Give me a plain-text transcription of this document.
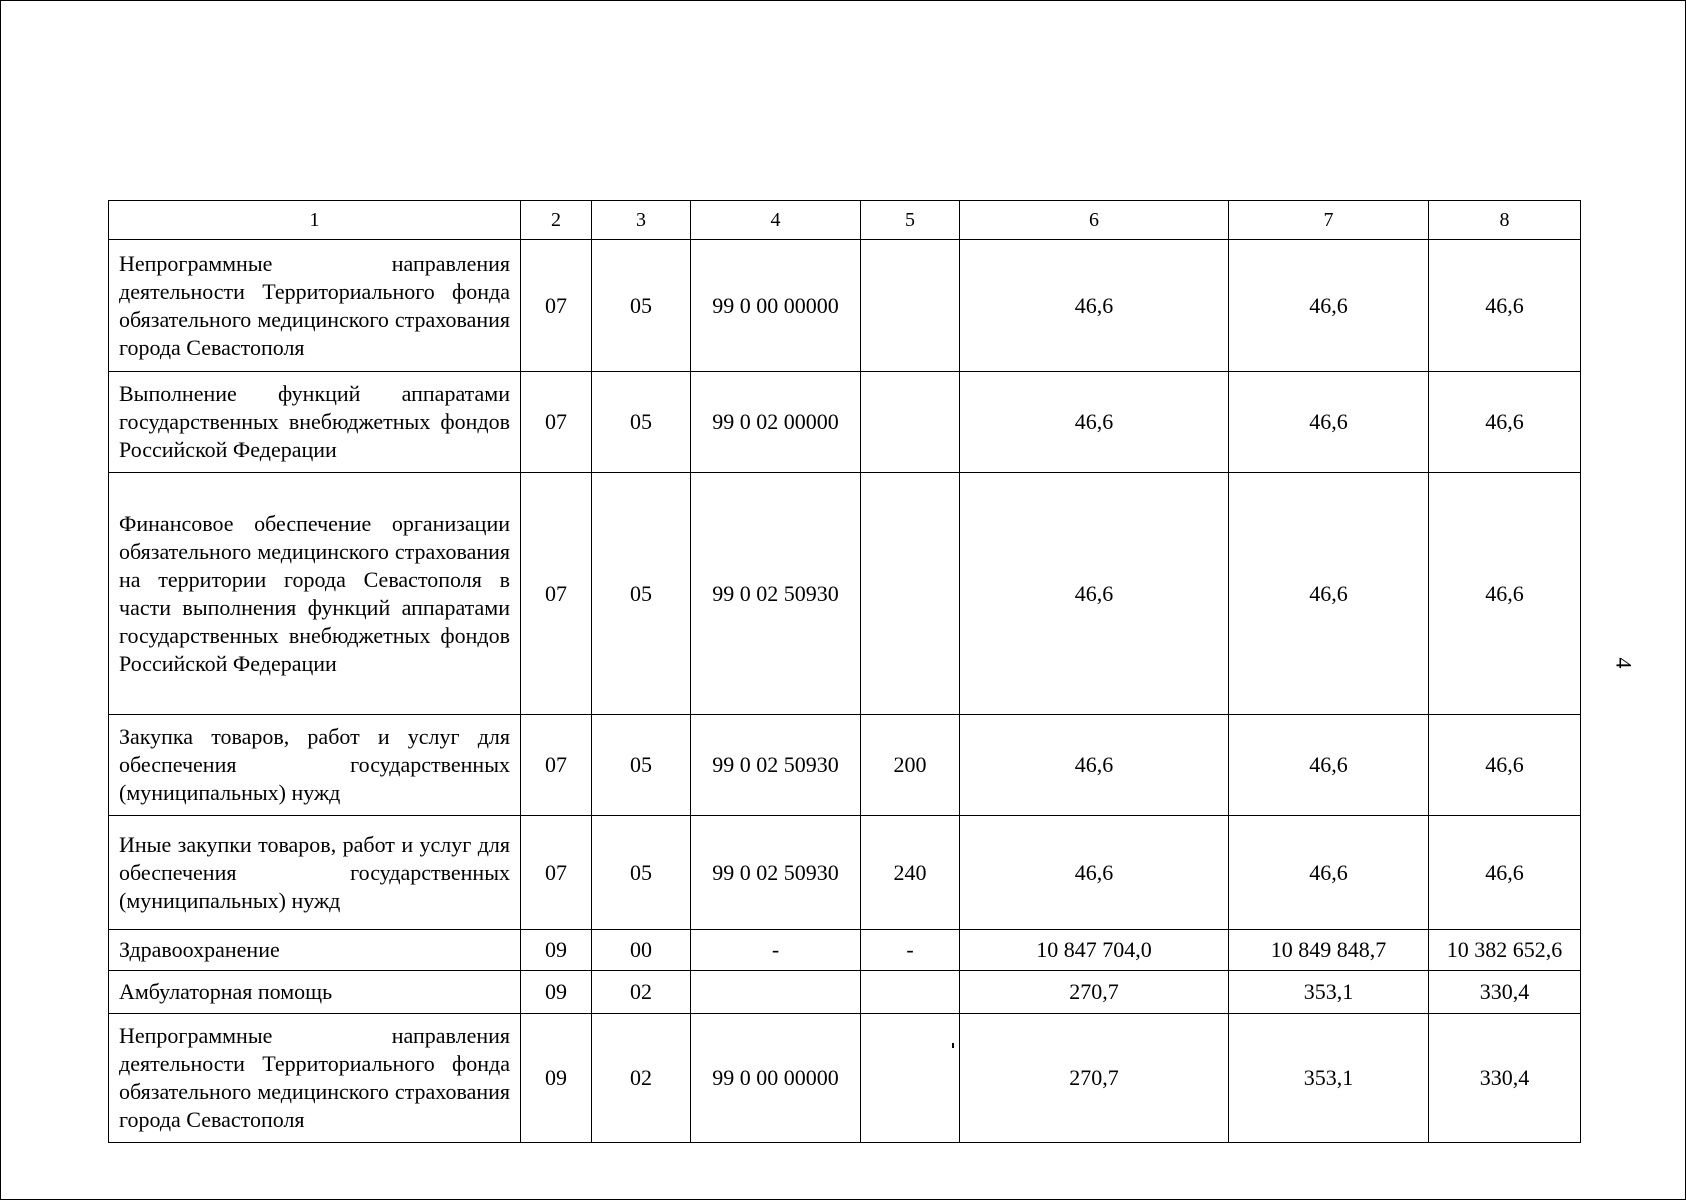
1	2	3	4	5	6	7	8
Непрограммные направления деятельности Территориального фонда обязательного медицинского страхования города Севастополя	07	05	99 0 00 00000		46,6	46,6	46,6
Выполнение функций аппаратами государственных внебюджетных фондов Российской Федерации	07	05	99 0 02 00000		46,6	46,6	46,6
Финансовое обеспечение организации обязательного медицинского страхования на территории города Севастополя в части выполнения функций аппаратами государственных внебюджетных фондов Российской Федерации	07	05	99 0 02 50930		46,6	46,6	46,6
Закупка товаров, работ и услуг для обеспечения государственных (муниципальных) нужд	07	05	99 0 02 50930	200	46,6	46,6	46,6
Иные закупки товаров, работ и услуг для обеспечения государственных (муниципальных) нужд	07	05	99 0 02 50930	240	46,6	46,6	46,6
Здравоохранение	09	00	-	-	10 847 704,0	10 849 848,7	10 382 652,6
Амбулаторная помощь	09	02			270,7	353,1	330,4
Непрограммные направления деятельности Территориального фонда обязательного медицинского страхования города Севастополя	09	02	99 0 00 00000		270,7	353,1	330,4
4
